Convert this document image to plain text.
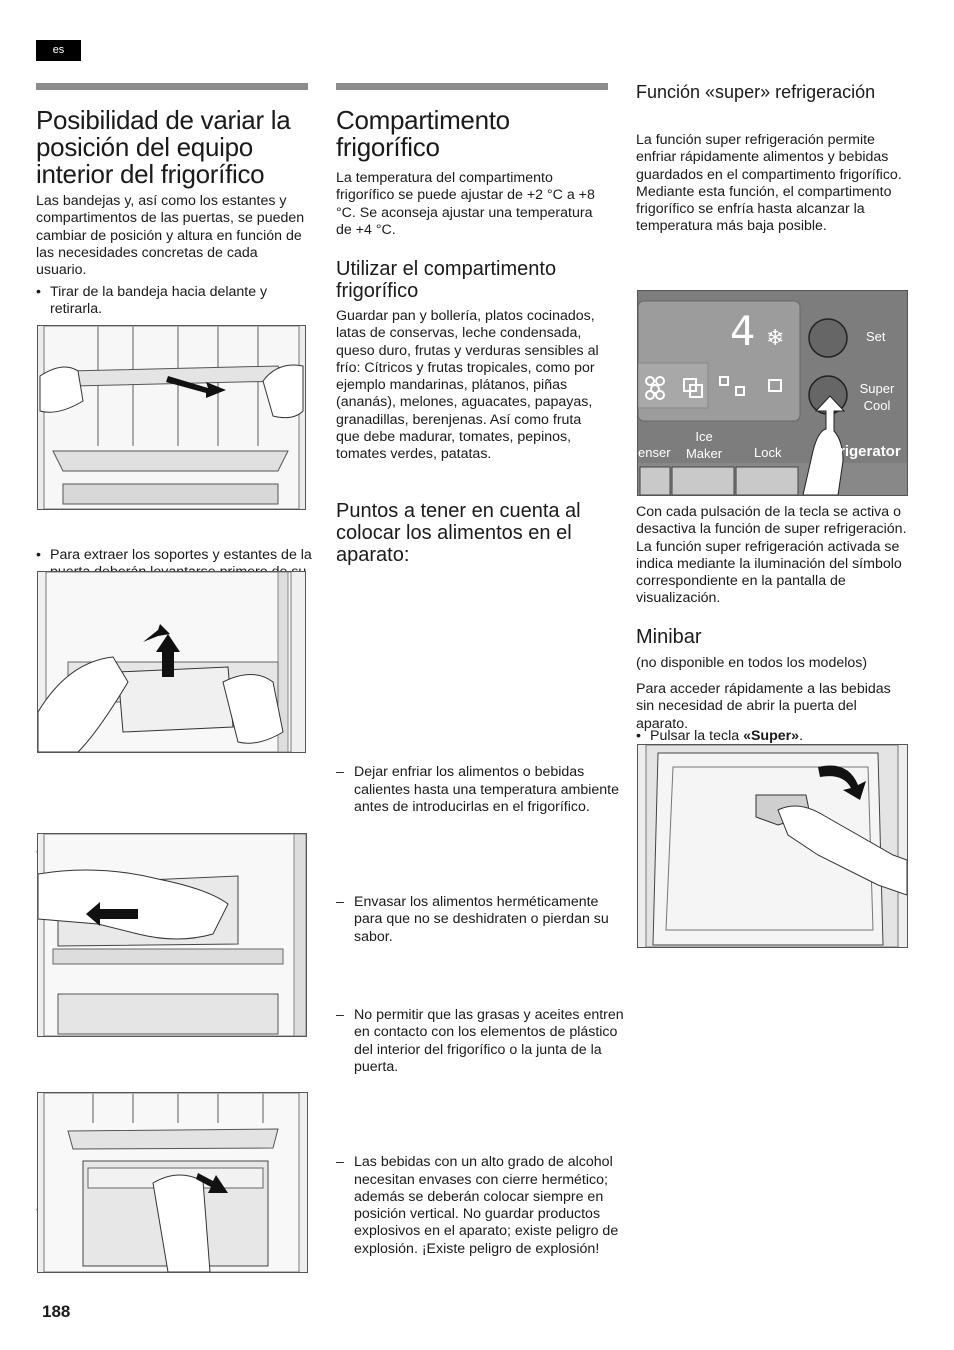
es
Posibilidad de variar la posición del equipo interior del frigorífico

Las bandejas y, así como los estantes y compartimentos de las puertas, se pueden cambiar de posición y altura en función de las necesidades concretas de cada usuario.

• Tirar de la bandeja hacia delante y retirarla.
• Para extraer los soportes y estantes de la
•
•
188
Compartimento frigorífico

La temperatura del compartimento frigorífico se puede ajustar de +2 °C a +8 °C. Se aconseja ajustar una temperatura de +4 °C.

Utilizar el compartimento frigorífico

Guardar pan y bollería, platos cocinados, latas de conservas, leche condensada, queso duro, frutas y verduras sensibles al frío: Cítricos y frutas tropicales, como por ejemplo mandarinas, plátanos, piñas (ananás), melones, aguacates, papayas, granadillas, berenjenas. Así como fruta que debe madurar, tomates, pepinos, tomates verdes, patatas.

Puntos a tener en cuenta al colocar los alimentos en el aparato:
– Dejar enfriar los alimentos o bebidas calientes hasta una temperatura ambiente antes de introducirlas en el frigorífico.
– Envasar los alimentos herméticamente para que no se deshidraten o pierdan su sabor.
– No permitir que las grasas y aceites entren en contacto con los elementos de plástico del interior del frigorífico o la junta de la puerta.
– Las bebidas con un alto grado de alcohol necesitan envases con cierre hermético; además se deberán colocar siempre en posición vertical. No guardar productos explosivos en el aparato; existe peligro de explosión. ¡Existe peligro de explosión!
Función «super» refrigeración

La función super refrigeración permite enfriar rápidamente alimentos y bebidas guardados en el compartimento frigorífico. Mediante esta función, el compartimento frigorífico se enfría hasta alcanzar la temperatura más baja posible.

• Pulsar la tecla «Super».
4 ❄	Set
Super
Cool
Ice
Maker
enser	Lock	rigerator

Con cada pulsación de la tecla se activa o desactiva la función de super refrigeración. La función super refrigeración activada se indica mediante la iluminación del símbolo correspondiente en la pantalla de visualización.

Minibar

(no disponible en todos los modelos)

Para acceder rápidamente a las bebidas sin necesidad de abrir la puerta del aparato.
